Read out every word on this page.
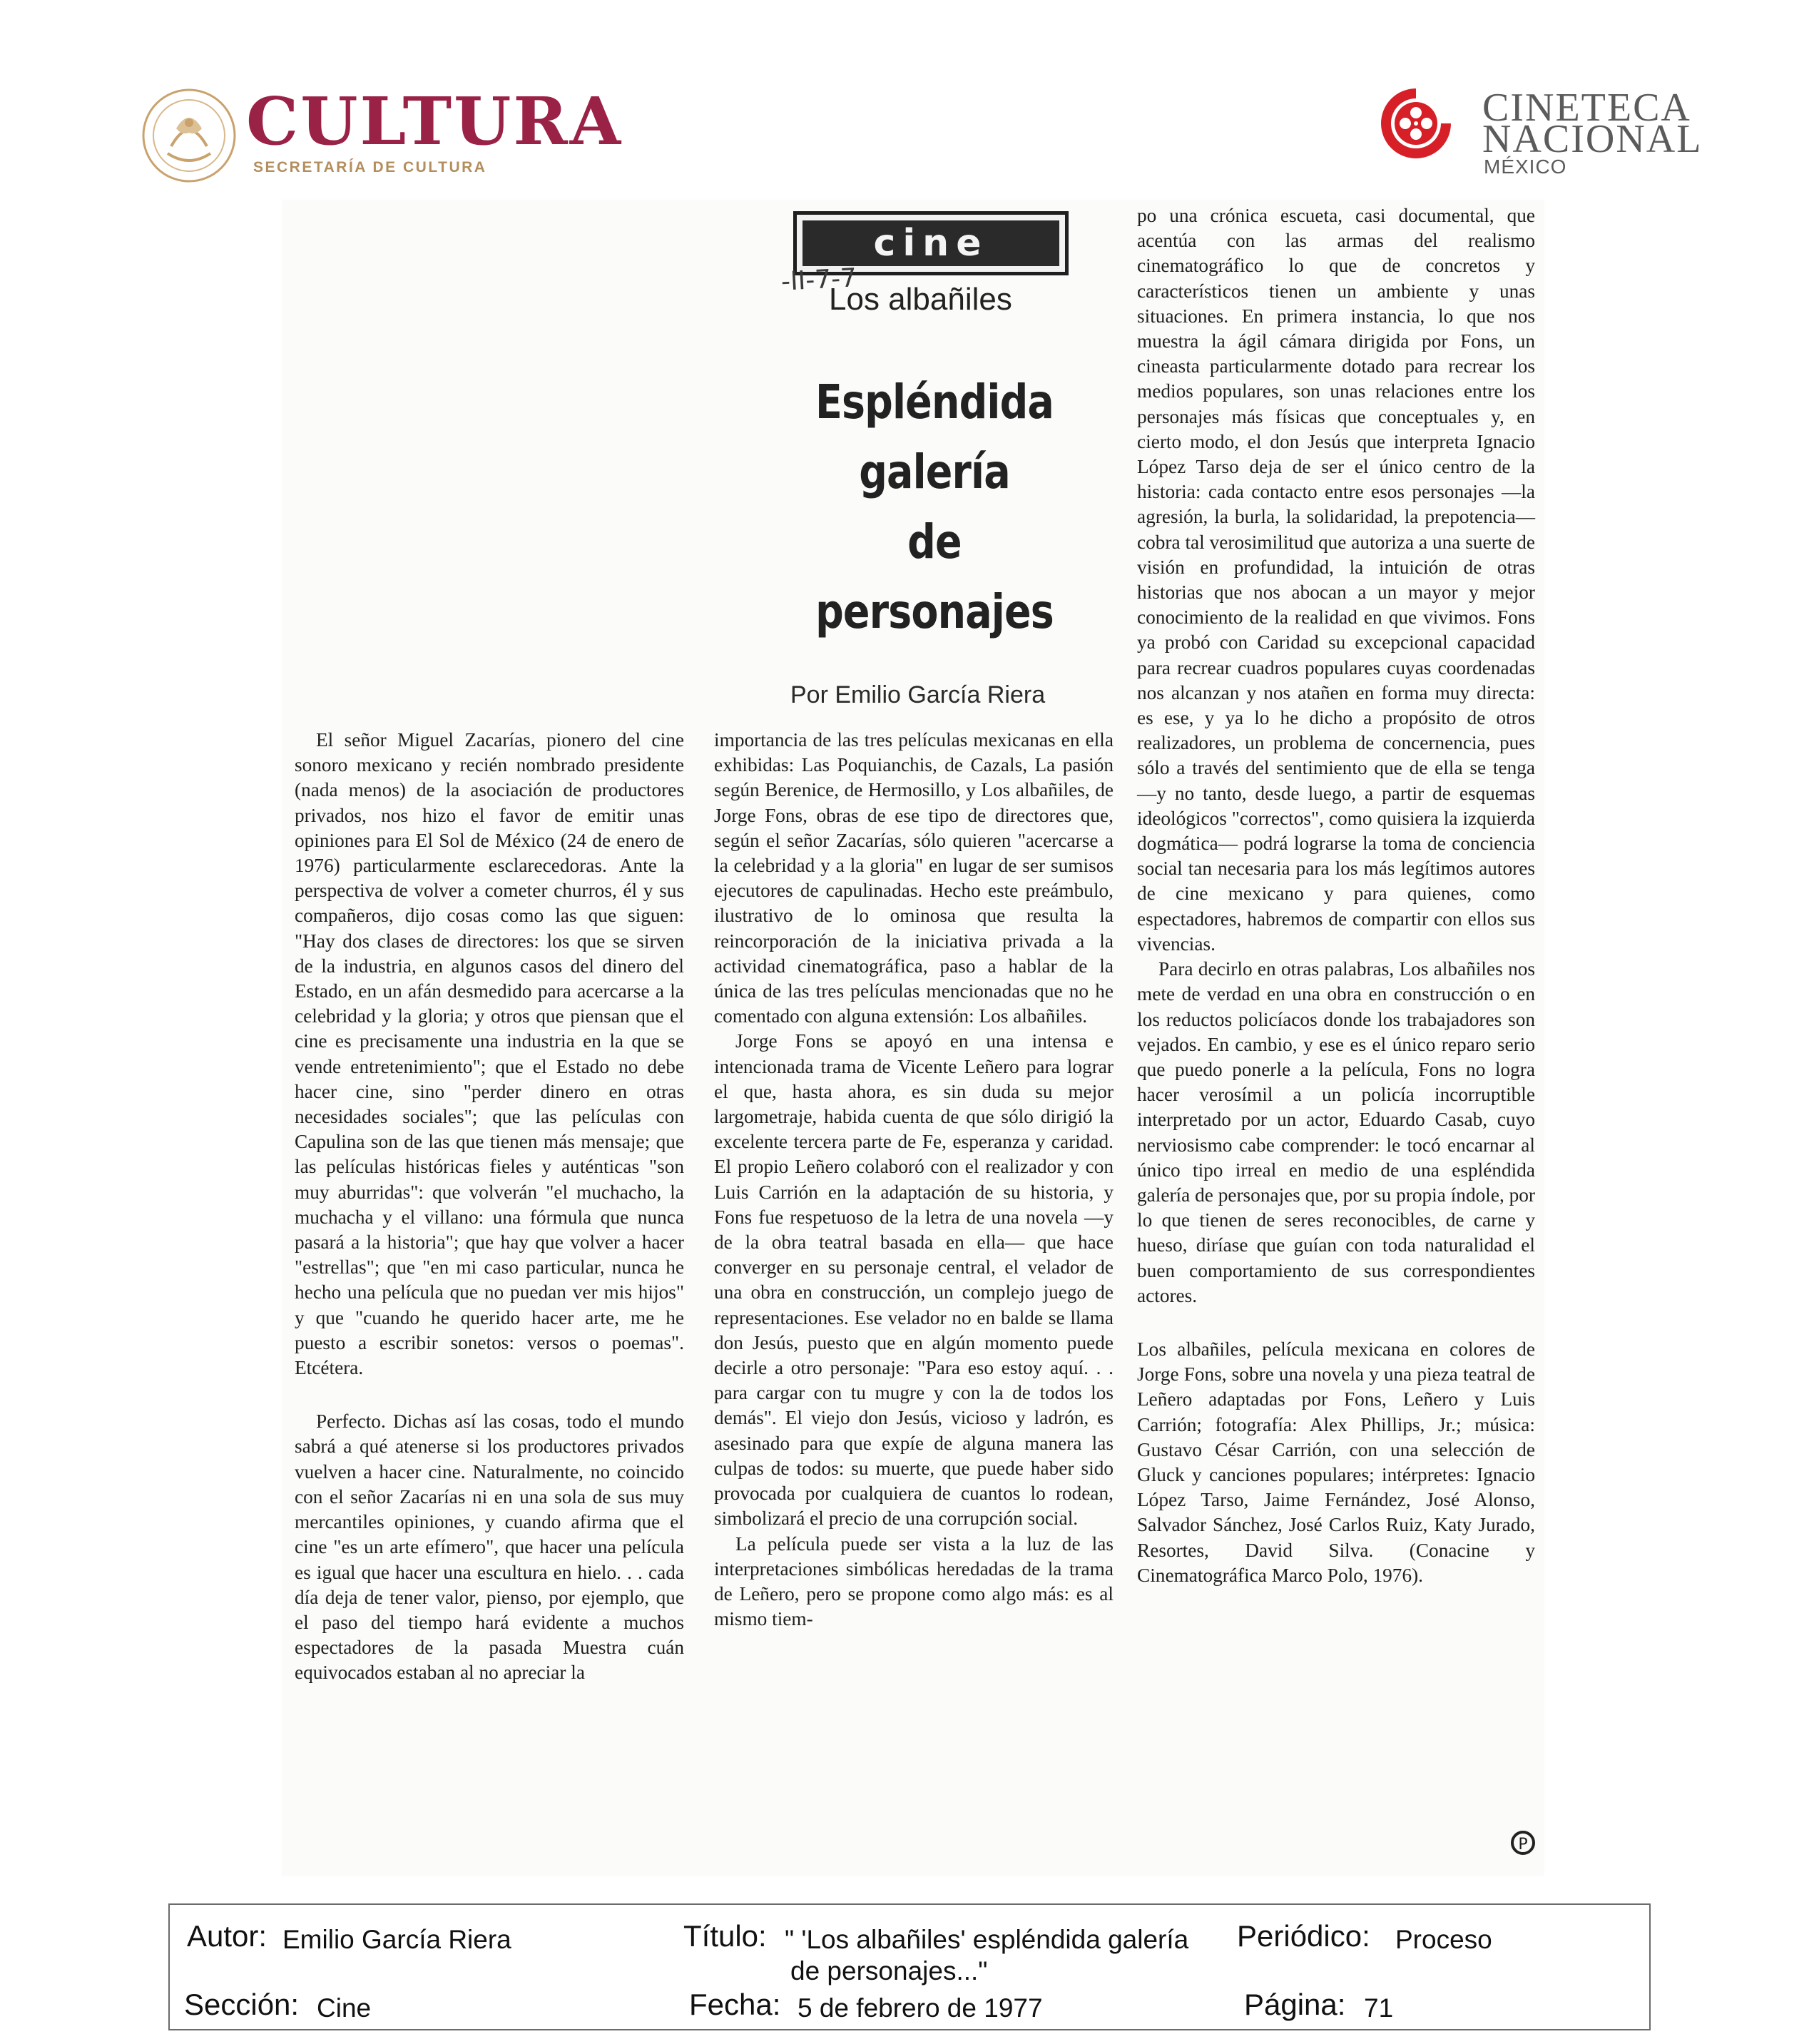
CULTURA
SECRETARÍA DE CULTURA
CINETECA
NACIONAL
MÉXICO
cine
-II-7-7
Los albañiles
Espléndida
galería
de
personajes
Por Emilio García Riera

El señor Miguel Zacarías, pionero del cine sonoro mexicano y recién nombrado presidente (nada menos) de la asociación de productores privados, nos hizo el favor de emitir unas opiniones para El Sol de México (24 de enero de 1976) particularmente esclarecedoras. Ante la perspectiva de volver a cometer churros, él y sus compañeros, dijo cosas como las que siguen: "Hay dos clases de directores: los que se sirven de la industria, en algunos casos del dinero del Estado, en un afán desmedido para acercarse a la celebridad y la gloria; y otros que piensan que el cine es precisamente una industria en la que se vende entretenimiento"; que el Estado no debe hacer cine, sino "perder dinero en otras necesidades sociales"; que las películas con Capulina son de las que tienen más mensaje; que las películas históricas fieles y auténticas "son muy aburridas": que volverán "el muchacho, la muchacha y el villano: una fórmula que nunca pasará a la historia"; que hay que volver a hacer "estrellas"; que "en mi caso particular, nunca he hecho una película que no puedan ver mis hijos" y que "cuando he querido hacer arte, me he puesto a escribir sonetos: versos o poemas". Etcétera.

Perfecto. Dichas así las cosas, todo el mundo sabrá a qué atenerse si los productores privados vuelven a hacer cine. Naturalmente, no coincido con el señor Zacarías ni en una sola de sus muy mercantiles opiniones, y cuando afirma que el cine "es un arte efímero", que hacer una película es igual que hacer una escultura en hielo. . . cada día deja de tener valor, pienso, por ejemplo, que el paso del tiempo hará evidente a muchos espectadores de la pasada Muestra cuán equivocados estaban al no apreciar la

importancia de las tres películas mexicanas en ella exhibidas: Las Poquianchis, de Cazals, La pasión según Berenice, de Hermosillo, y Los albañiles, de Jorge Fons, obras de ese tipo de directores que, según el señor Zacarías, sólo quieren "acercarse a la celebridad y a la gloria" en lugar de ser sumisos ejecutores de capulinadas. Hecho este preámbulo, ilustrativo de lo ominosa que resulta la reincorporación de la iniciativa privada a la actividad cinematográfica, paso a hablar de la única de las tres películas mencionadas que no he comentado con alguna extensión: Los albañiles.

Jorge Fons se apoyó en una intensa e intencionada trama de Vicente Leñero para lograr el que, hasta ahora, es sin duda su mejor largometraje, habida cuenta de que sólo dirigió la excelente tercera parte de Fe, esperanza y caridad. El propio Leñero colaboró con el realizador y con Luis Carrión en la adaptación de su historia, y Fons fue respetuoso de la letra de una novela —y de la obra teatral basada en ella— que hace converger en su personaje central, el velador de una obra en construcción, un complejo juego de representaciones. Ese velador no en balde se llama don Jesús, puesto que en algún momento puede decirle a otro personaje: "Para eso estoy aquí. . . para cargar con tu mugre y con la de todos los demás". El viejo don Jesús, vicioso y ladrón, es asesinado para que expíe de alguna manera las culpas de todos: su muerte, que puede haber sido provocada por cualquiera de cuantos lo rodean, simbolizará el precio de una corrupción social.

La película puede ser vista a la luz de las interpretaciones simbólicas heredadas de la trama de Leñero, pero se propone como algo más: es al mismo tiem-

po una crónica escueta, casi documental, que acentúa con las armas del realismo cinematográfico lo que de concretos y característicos tienen un ambiente y unas situaciones. En primera instancia, lo que nos muestra la ágil cámara dirigida por Fons, un cineasta particularmente dotado para recrear los medios populares, son unas relaciones entre los personajes más físicas que conceptuales y, en cierto modo, el don Jesús que interpreta Ignacio López Tarso deja de ser el único centro de la historia: cada contacto entre esos personajes —la agresión, la burla, la solidaridad, la prepotencia— cobra tal verosimilitud que autoriza a una suerte de visión en profundidad, la intuición de otras historias que nos abocan a un mayor y mejor conocimiento de la realidad en que vivimos. Fons ya probó con Caridad su excepcional capacidad para recrear cuadros populares cuyas coordenadas nos alcanzan y nos atañen en forma muy directa: es ese, y ya lo he dicho a propósito de otros realizadores, un problema de concernencia, pues sólo a través del sentimiento que de ella se tenga —y no tanto, desde luego, a partir de esquemas ideológicos "correctos", como quisiera la izquierda dogmática— podrá lograrse la toma de conciencia social tan necesaria para los más legítimos autores de cine mexicano y para quienes, como espectadores, habremos de compartir con ellos sus vivencias.

Para decirlo en otras palabras, Los albañiles nos mete de verdad en una obra en construcción o en los reductos policíacos donde los trabajadores son vejados. En cambio, y ese es el único reparo serio que puedo ponerle a la película, Fons no logra hacer verosímil a un policía incorruptible interpretado por un actor, Eduardo Casab, cuyo nerviosismo cabe comprender: le tocó encarnar al único tipo irreal en medio de una espléndida galería de personajes que, por su propia índole, por lo que tienen de seres reconocibles, de carne y hueso, diríase que guían con toda naturalidad el buen comportamiento de sus correspondientes actores.

Los albañiles, película mexicana en colores de Jorge Fons, sobre una novela y una pieza teatral de Leñero adaptadas por Fons, Leñero y Luis Carrión; fotografía: Alex Phillips, Jr.; música: Gustavo César Carrión, con una selección de Gluck y canciones populares; intérpretes: Ignacio López Tarso, Jaime Fernández, José Alonso, Salvador Sánchez, José Carlos Ruiz, Katy Jurado, Resortes, David Silva. (Conacine y Cinematográfica Marco Polo, 1976).

P
Autor: Emilio García Riera	Título: " 'Los albañiles' espléndida galería
de personajes..."
Periódico: Proceso
Sección: Cine	Fecha: 5 de febrero de 1977	Página: 71
